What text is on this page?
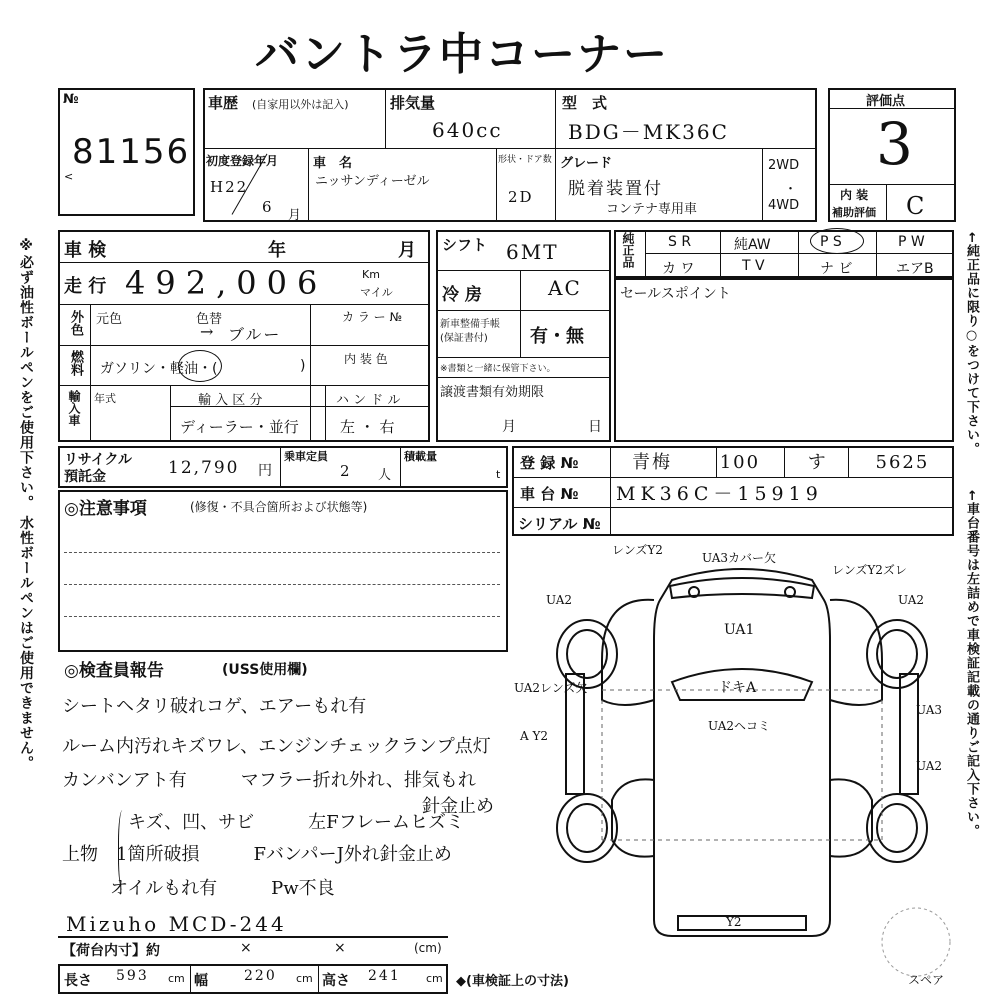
バントラ中コーナー
※必ず油性ボールペンをご使用下さい。 水性ボールペンはご使用できません。	←純正品に限り○をつけて下さい。
←車台番号は左詰めで車検証記載の通りご記入下さい。
№
81156
<
車歴 (自家用以外は記入)	排気量
640cc
型　式
BDG－MK36C
初度登録年月
H22
6 月
車　名
ニッサンディーゼル
形状・ドア数
2D
グレード
脱着装置付
コンテナ専用車
2WD
・
4WD
評価点
3
内 装
補助評価 C
車 検	年	月
走 行 492,006	Km
マイル
外色 元色	色替
→ ブルー
カ ラ ー №
燃料 ガソリン・軽油・(	)	内 装 色
輸入車 年式	輸 入 区 分
ディーラー・並行
ハ ン ド ル
左 ・ 右
シフト 6MT
冷 房	AC
新車整備手帳
(保証書付)	有・無
※書類と一緒に保管下さい。
譲渡書類有効期限
月	日
純正品 S R	純AW	P S	P W
カ ワ	T V	ナ ビ	エアB
セールスポイント
リサイクル
預託金	12,790 円
乗車定員
2 人
積載量
t
登 録 №	青梅 100 す 5625
車 台 № MK36C－15919
シリアル №
◎注意事項	(修復・不具合箇所および状態等)
◎検査員報告	(USS使用欄)
シートヘタリ破れコゲ、エアーもれ有
ルーム内汚れキズワレ、エンジンチェックランプ点灯
カンバンアト有　　　マフラー折れ外れ、排気もれ
　　　　　　　　　　　　　　　　　　　　針金止め
キズ、凹、サビ　　　左Fフレームヒズミ
上物　1箇所破損　　　FバンパーJ外れ針金止め
オイルもれ有　　　Pw不良
Mizuho MCD-244
【荷台内寸】約	×	×	(cm)
長さ 593 cm 幅	220 cm 高さ 241 cm ◆(車検証上の寸法)
レンズY2
UA3カバー欠
レンズY2ズレ
UA2	UA2
UA1
UA2レンズ欠	ドキA
UA2ヘコミ
A Y2
UA3
UA2
Y2
スペア
